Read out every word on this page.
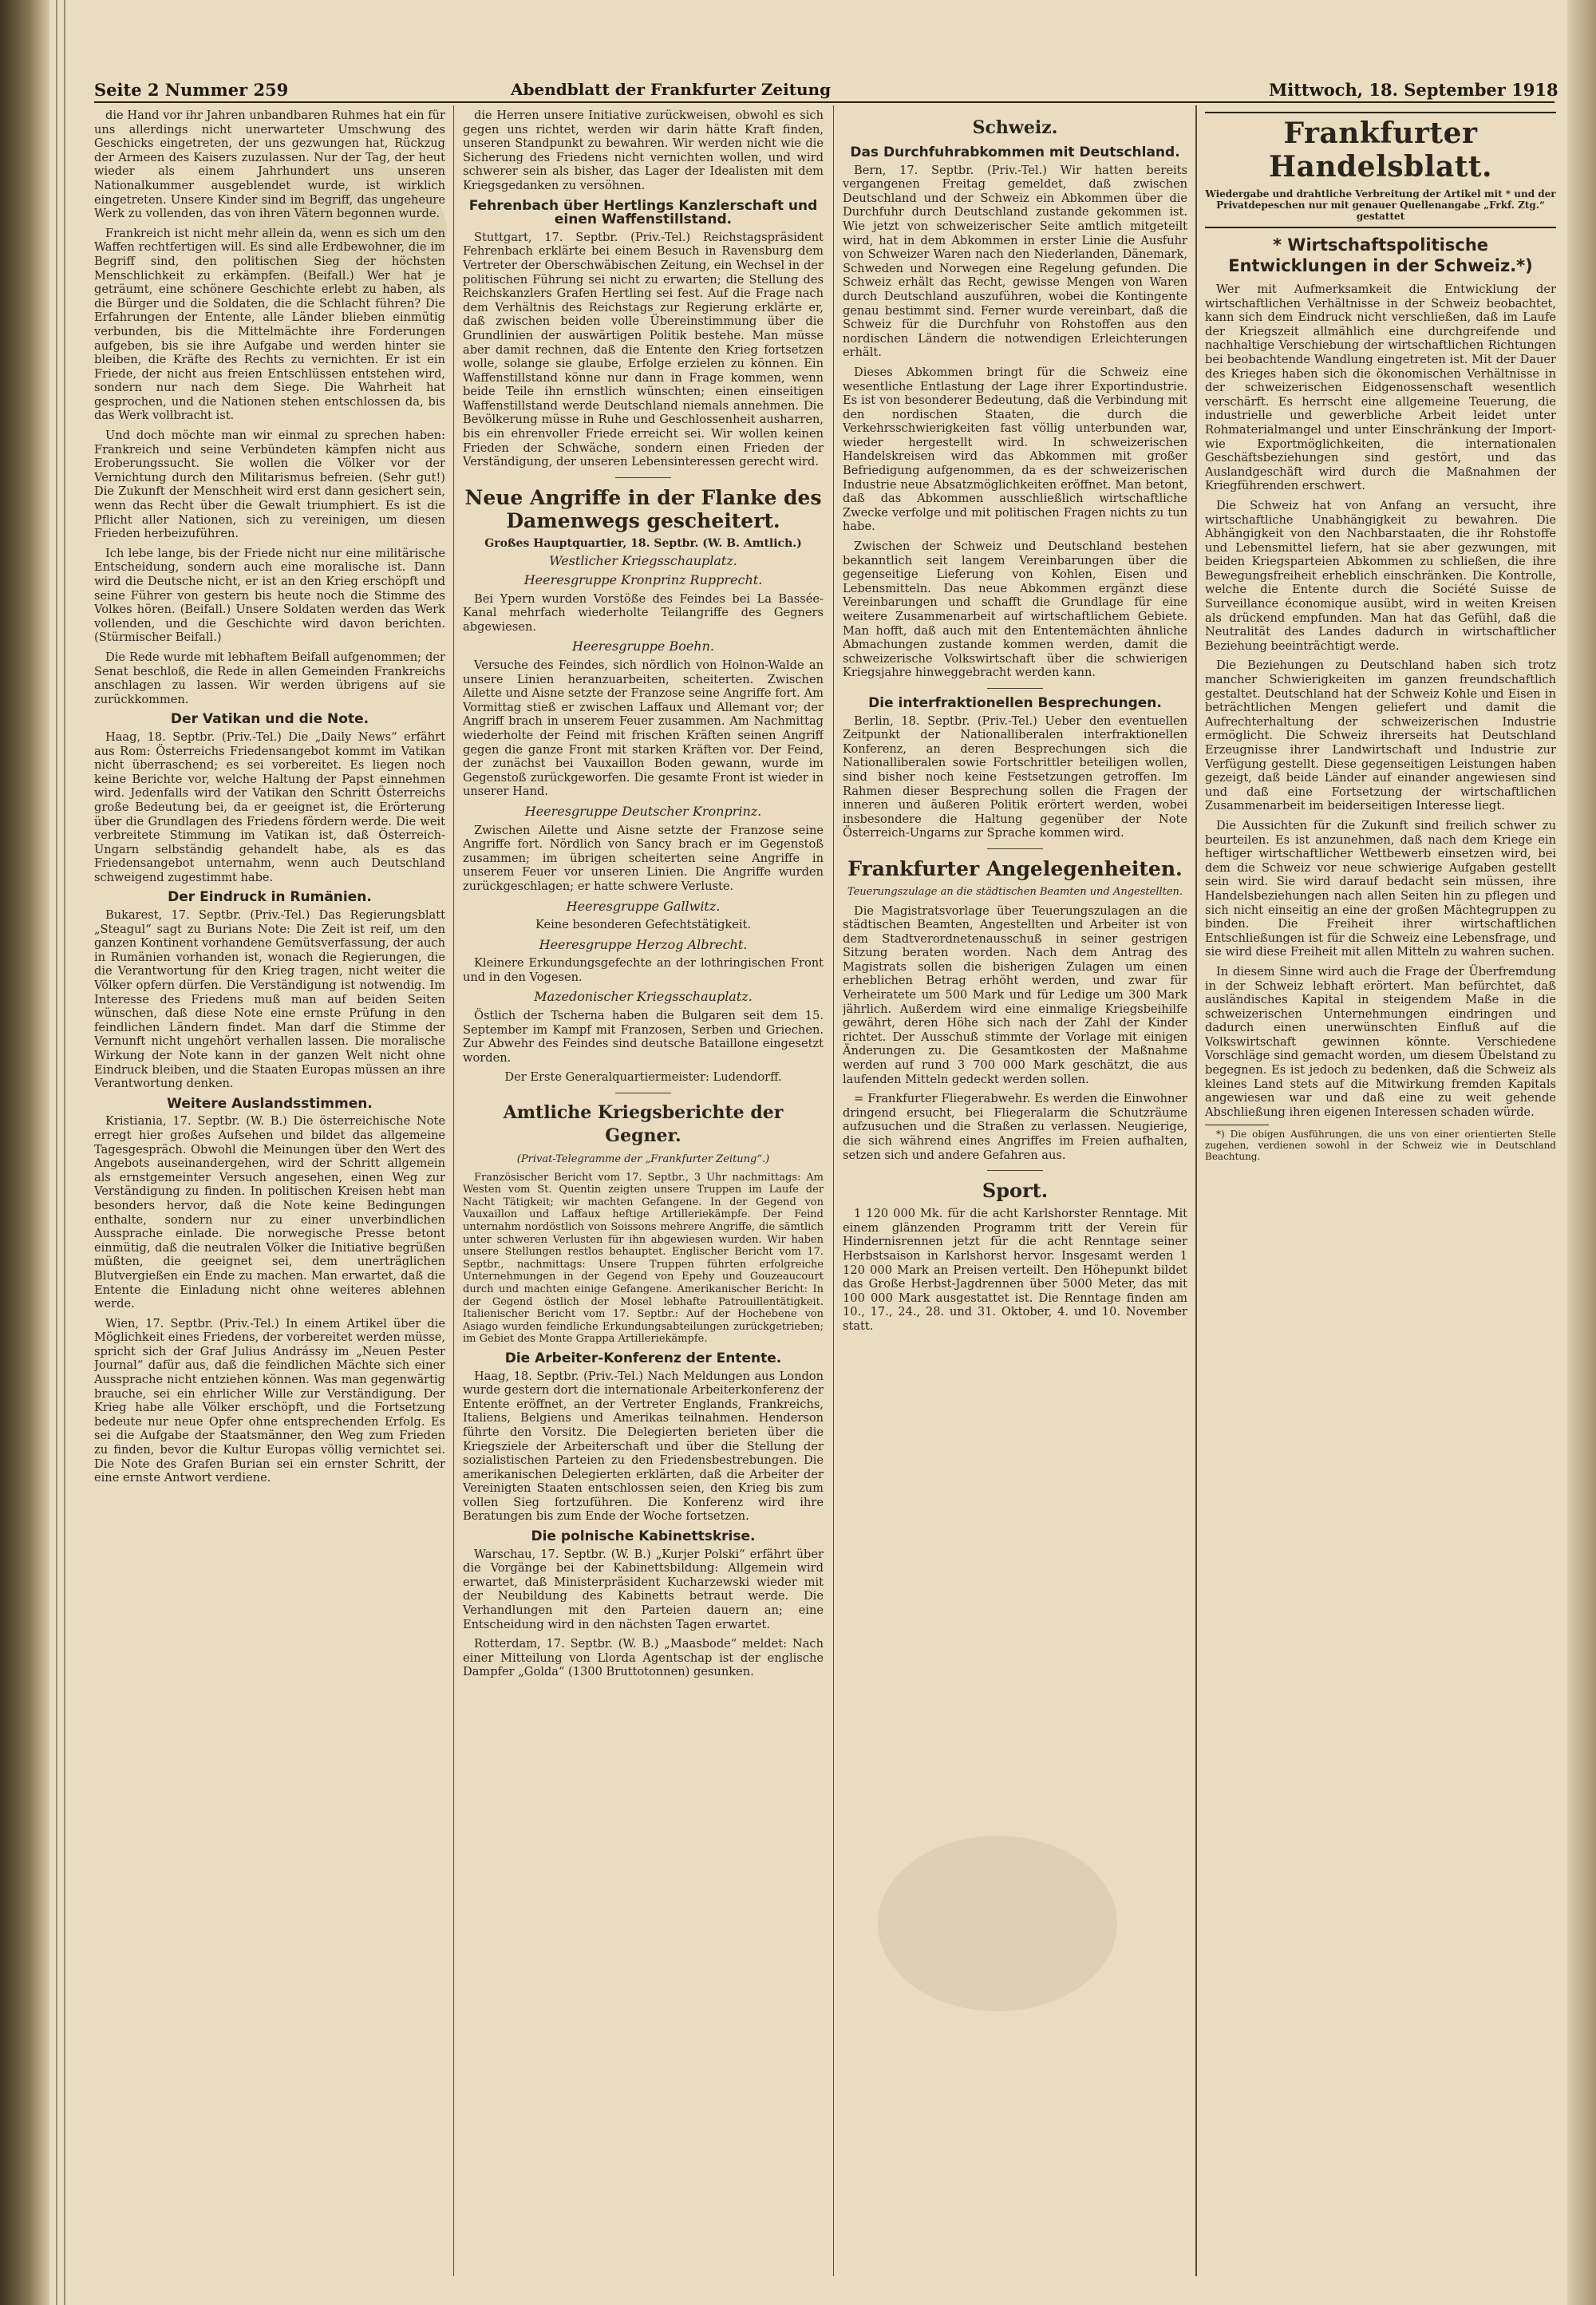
Seite 2 Nummer 259	Abendblatt der Frankfurter Zeitung	Mittwoch, 18. September 1918

die Hand vor ihr Jahren unbandbaren Ruhmes hat ein für uns allerdings nicht unerwarteter Umschwung des Geschicks eingetreten, der uns gezwungen hat, Rückzug der Armeen des Kaisers zuzulassen. Nur der Tag, der heut wieder als einem Jahrhundert uns unseren Nationalkummer ausgeblendet wurde, ist wirklich eingetreten. Unsere Kinder sind im Begriff, das ungeheure Werk zu vollenden, das von ihren Vätern begonnen wurde.

Frankreich ist nicht mehr allein da, wenn es sich um den Waffen rechtfertigen will. Es sind alle Erdbewohner, die im Begriff sind, den politischen Sieg der höchsten Menschlichkeit zu erkämpfen. (Beifall.) Wer hat je geträumt, eine schönere Geschichte erlebt zu haben, als die Bürger und die Soldaten, die die Schlacht führen? Die Erfahrungen der Entente, alle Länder blieben einmütig verbunden, bis die Mittelmächte ihre Forderungen aufgeben, bis sie ihre Aufgabe und werden hinter sie bleiben, die Kräfte des Rechts zu vernichten. Er ist ein Friede, der nicht aus freien Entschlüssen entstehen wird, sondern nur nach dem Siege. Die Wahrheit hat gesprochen, und die Nationen stehen entschlossen da, bis das Werk vollbracht ist.

Und doch möchte man wir einmal zu sprechen haben: Frankreich und seine Verbündeten kämpfen nicht aus Eroberungssucht. Sie wollen die Völker vor der Vernichtung durch den Militarismus befreien. (Sehr gut!) Die Zukunft der Menschheit wird erst dann gesichert sein, wenn das Recht über die Gewalt triumphiert. Es ist die Pflicht aller Nationen, sich zu vereinigen, um diesen Frieden herbeizuführen.

Ich lebe lange, bis der Friede nicht nur eine militärische Entscheidung, sondern auch eine moralische ist. Dann wird die Deutsche nicht, er ist an den Krieg erschöpft und seine Führer von gestern bis heute noch die Stimme des Volkes hören. (Beifall.) Unsere Soldaten werden das Werk vollenden, und die Geschichte wird davon berichten. (Stürmischer Beifall.)

Die Rede wurde mit lebhaftem Beifall aufgenommen; der Senat beschloß, die Rede in allen Gemeinden Frankreichs anschlagen zu lassen. Wir werden übrigens auf sie zurückkommen.

Der Vatikan und die Note.

Haag, 18. Septbr. (Priv.-Tel.) Die „Daily News“ erfährt aus Rom: Österreichs Friedensangebot kommt im Vatikan nicht überraschend; es sei vorbereitet. Es liegen noch keine Berichte vor, welche Haltung der Papst einnehmen wird. Jedenfalls wird der Vatikan den Schritt Österreichs große Bedeutung bei, da er geeignet ist, die Erörterung über die Grundlagen des Friedens fördern werde. Die weit verbreitete Stimmung im Vatikan ist, daß Österreich-Ungarn selbständig gehandelt habe, als es das Friedensangebot unternahm, wenn auch Deutschland schweigend zugestimmt habe.

Der Eindruck in Rumänien.

Bukarest, 17. Septbr. (Priv.-Tel.) Das Regierungsblatt „Steagul“ sagt zu Burians Note: Die Zeit ist reif, um den ganzen Kontinent vorhandene Gemütsverfassung, der auch in Rumänien vorhanden ist, wonach die Regierungen, die die Verantwortung für den Krieg tragen, nicht weiter die Völker opfern dürfen. Die Verständigung ist notwendig. Im Interesse des Friedens muß man auf beiden Seiten wünschen, daß diese Note eine ernste Prüfung in den feindlichen Ländern findet. Man darf die Stimme der Vernunft nicht ungehört verhallen lassen. Die moralische Wirkung der Note kann in der ganzen Welt nicht ohne Eindruck bleiben, und die Staaten Europas müssen an ihre Verantwortung denken.

Weitere Auslandsstimmen.

Kristiania, 17. Septbr. (W. B.) Die österreichische Note erregt hier großes Aufsehen und bildet das allgemeine Tagesgespräch. Obwohl die Meinungen über den Wert des Angebots auseinandergehen, wird der Schritt allgemein als ernstgemeinter Versuch angesehen, einen Weg zur Verständigung zu finden. In politischen Kreisen hebt man besonders hervor, daß die Note keine Bedingungen enthalte, sondern nur zu einer unverbindlichen Aussprache einlade. Die norwegische Presse betont einmütig, daß die neutralen Völker die Initiative begrüßen müßten, die geeignet sei, dem unerträglichen Blutvergießen ein Ende zu machen. Man erwartet, daß die Entente die Einladung nicht ohne weiteres ablehnen werde.

Wien, 17. Septbr. (Priv.-Tel.) In einem Artikel über die Möglichkeit eines Friedens, der vorbereitet werden müsse, spricht sich der Graf Julius Andrássy im „Neuen Pester Journal“ dafür aus, daß die feindlichen Mächte sich einer Aussprache nicht entziehen können. Was man gegenwärtig brauche, sei ein ehrlicher Wille zur Verständigung. Der Krieg habe alle Völker erschöpft, und die Fortsetzung bedeute nur neue Opfer ohne entsprechenden Erfolg. Es sei die Aufgabe der Staatsmänner, den Weg zum Frieden zu finden, bevor die Kultur Europas völlig vernichtet sei. Die Note des Grafen Burian sei ein ernster Schritt, der eine ernste Antwort verdiene.

die Herren unsere Initiative zurückweisen, obwohl es sich gegen uns richtet, werden wir darin hätte Kraft finden, unseren Standpunkt zu bewahren. Wir werden nicht wie die Sicherung des Friedens nicht vernichten wollen, und wird schwerer sein als bisher, das Lager der Idealisten mit dem Kriegsgedanken zu versöhnen.

Fehrenbach über Hertlings Kanzlerschaft und einen Waffenstillstand.

Stuttgart, 17. Septbr. (Priv.-Tel.) Reichstagspräsident Fehrenbach erklärte bei einem Besuch in Ravensburg dem Vertreter der Oberschwäbischen Zeitung, ein Wechsel in der politischen Führung sei nicht zu erwarten; die Stellung des Reichskanzlers Grafen Hertling sei fest. Auf die Frage nach dem Verhältnis des Reichstags zur Regierung erklärte er, daß zwischen beiden volle Übereinstimmung über die Grundlinien der auswärtigen Politik bestehe. Man müsse aber damit rechnen, daß die Entente den Krieg fortsetzen wolle, solange sie glaube, Erfolge erzielen zu können. Ein Waffenstillstand könne nur dann in Frage kommen, wenn beide Teile ihn ernstlich wünschten; einen einseitigen Waffenstillstand werde Deutschland niemals annehmen. Die Bevölkerung müsse in Ruhe und Geschlossenheit ausharren, bis ein ehrenvoller Friede erreicht sei. Wir wollen keinen Frieden der Schwäche, sondern einen Frieden der Verständigung, der unseren Lebensinteressen gerecht wird.

Neue Angriffe in der Flanke des Damenwegs gescheitert.
Großes Hauptquartier, 18. Septbr. (W. B. Amtlich.)
Westlicher Kriegsschauplatz.
Heeresgruppe Kronprinz Rupprecht.

Bei Ypern wurden Vorstöße des Feindes bei La Bassée-Kanal mehrfach wiederholte Teilangriffe des Gegners abgewiesen.

Heeresgruppe Boehn.

Versuche des Feindes, sich nördlich von Holnon-Walde an unsere Linien heranzuarbeiten, scheiterten. Zwischen Ailette und Aisne setzte der Franzose seine Angriffe fort. Am Vormittag stieß er zwischen Laffaux und Allemant vor; der Angriff brach in unserem Feuer zusammen. Am Nachmittag wiederholte der Feind mit frischen Kräften seinen Angriff gegen die ganze Front mit starken Kräften vor. Der Feind, der zunächst bei Vauxaillon Boden gewann, wurde im Gegenstoß zurückgeworfen. Die gesamte Front ist wieder in unserer Hand.

Heeresgruppe Deutscher Kronprinz.

Zwischen Ailette und Aisne setzte der Franzose seine Angriffe fort. Nördlich von Sancy brach er im Gegenstoß zusammen; im übrigen scheiterten seine Angriffe in unserem Feuer vor unseren Linien. Die Angriffe wurden zurückgeschlagen; er hatte schwere Verluste.

Heeresgruppe Gallwitz.

Keine besonderen Gefechtstätigkeit.

Heeresgruppe Herzog Albrecht.

Kleinere Erkundungsgefechte an der lothringischen Front und in den Vogesen.

Mazedonischer Kriegsschauplatz.

Östlich der Tscherna haben die Bulgaren seit dem 15. September im Kampf mit Franzosen, Serben und Griechen. Zur Abwehr des Feindes sind deutsche Bataillone eingesetzt worden.

Der Erste Generalquartiermeister: Ludendorff.

Amtliche Kriegsberichte der Gegner.
(Privat-Telegramme der „Frankfurter Zeitung“.)

Französischer Bericht vom 17. Septbr., 3 Uhr nachmittags: Am Westen vom St. Quentin zeigten unsere Truppen im Laufe der Nacht Tätigkeit; wir machten Gefangene. In der Gegend von Vauxaillon und Laffaux heftige Artilleriekämpfe. Der Feind unternahm nordöstlich von Soissons mehrere Angriffe, die sämtlich unter schweren Verlusten für ihn abgewiesen wurden. Wir haben unsere Stellungen restlos behauptet. Englischer Bericht vom 17. Septbr., nachmittags: Unsere Truppen führten erfolgreiche Unternehmungen in der Gegend von Epehy und Gouzeaucourt durch und machten einige Gefangene. Amerikanischer Bericht: In der Gegend östlich der Mosel lebhafte Patrouillentätigkeit. Italienischer Bericht vom 17. Septbr.: Auf der Hochebene von Asiago wurden feindliche Erkundungsabteilungen zurückgetrieben; im Gebiet des Monte Grappa Artilleriekämpfe.

Die Arbeiter-Konferenz der Entente.

Haag, 18. Septbr. (Priv.-Tel.) Nach Meldungen aus London wurde gestern dort die internationale Arbeiterkonferenz der Entente eröffnet, an der Vertreter Englands, Frankreichs, Italiens, Belgiens und Amerikas teilnahmen. Henderson führte den Vorsitz. Die Delegierten berieten über die Kriegsziele der Arbeiterschaft und über die Stellung der sozialistischen Parteien zu den Friedensbestrebungen. Die amerikanischen Delegierten erklärten, daß die Arbeiter der Vereinigten Staaten entschlossen seien, den Krieg bis zum vollen Sieg fortzuführen. Die Konferenz wird ihre Beratungen bis zum Ende der Woche fortsetzen.

Die polnische Kabinettskrise.

Warschau, 17. Septbr. (W. B.) „Kurjer Polski“ erfährt über die Vorgänge bei der Kabinettsbildung: Allgemein wird erwartet, daß Ministerpräsident Kucharzewski wieder mit der Neubildung des Kabinetts betraut werde. Die Verhandlungen mit den Parteien dauern an; eine Entscheidung wird in den nächsten Tagen erwartet.

Rotterdam, 17. Septbr. (W. B.) „Maasbode“ meldet: Nach einer Mitteilung von Llorda Agentschap ist der englische Dampfer „Golda“ (1300 Bruttotonnen) gesunken.

Schweiz.
Das Durchfuhrabkommen mit Deutschland.

Bern, 17. Septbr. (Priv.-Tel.) Wir hatten bereits vergangenen Freitag gemeldet, daß zwischen Deutschland und der Schweiz ein Abkommen über die Durchfuhr durch Deutschland zustande gekommen ist. Wie jetzt von schweizerischer Seite amtlich mitgeteilt wird, hat in dem Abkommen in erster Linie die Ausfuhr von Schweizer Waren nach den Niederlanden, Dänemark, Schweden und Norwegen eine Regelung gefunden. Die Schweiz erhält das Recht, gewisse Mengen von Waren durch Deutschland auszuführen, wobei die Kontingente genau bestimmt sind. Ferner wurde vereinbart, daß die Schweiz für die Durchfuhr von Rohstoffen aus den nordischen Ländern die notwendigen Erleichterungen erhält.

Dieses Abkommen bringt für die Schweiz eine wesentliche Entlastung der Lage ihrer Exportindustrie. Es ist von besonderer Bedeutung, daß die Verbindung mit den nordischen Staaten, die durch die Verkehrsschwierigkeiten fast völlig unterbunden war, wieder hergestellt wird. In schweizerischen Handelskreisen wird das Abkommen mit großer Befriedigung aufgenommen, da es der schweizerischen Industrie neue Absatzmöglichkeiten eröffnet. Man betont, daß das Abkommen ausschließlich wirtschaftliche Zwecke verfolge und mit politischen Fragen nichts zu tun habe.

Zwischen der Schweiz und Deutschland bestehen bekanntlich seit langem Vereinbarungen über die gegenseitige Lieferung von Kohlen, Eisen und Lebensmitteln. Das neue Abkommen ergänzt diese Vereinbarungen und schafft die Grundlage für eine weitere Zusammenarbeit auf wirtschaftlichem Gebiete. Man hofft, daß auch mit den Ententemächten ähnliche Abmachungen zustande kommen werden, damit die schweizerische Volkswirtschaft über die schwierigen Kriegsjahre hinweggebracht werden kann.

Die interfraktionellen Besprechungen.

Berlin, 18. Septbr. (Priv.-Tel.) Ueber den eventuellen Zeitpunkt der Nationalliberalen interfraktionellen Konferenz, an deren Besprechungen sich die Nationalliberalen sowie Fortschrittler beteiligen wollen, sind bisher noch keine Festsetzungen getroffen. Im Rahmen dieser Besprechung sollen die Fragen der inneren und äußeren Politik erörtert werden, wobei insbesondere die Haltung gegenüber der Note Österreich-Ungarns zur Sprache kommen wird.

Frankfurter Angelegenheiten.
Teuerungszulage an die städtischen Beamten und Angestellten.

Die Magistratsvorlage über Teuerungszulagen an die städtischen Beamten, Angestellten und Arbeiter ist von dem Stadtverordnetenausschuß in seiner gestrigen Sitzung beraten worden. Nach dem Antrag des Magistrats sollen die bisherigen Zulagen um einen erheblichen Betrag erhöht werden, und zwar für Verheiratete um 500 Mark und für Ledige um 300 Mark jährlich. Außerdem wird eine einmalige Kriegsbeihilfe gewährt, deren Höhe sich nach der Zahl der Kinder richtet. Der Ausschuß stimmte der Vorlage mit einigen Änderungen zu. Die Gesamtkosten der Maßnahme werden auf rund 3 700 000 Mark geschätzt, die aus laufenden Mitteln gedeckt werden sollen.

= Frankfurter Fliegerabwehr. Es werden die Einwohner dringend ersucht, bei Fliegeralarm die Schutzräume aufzusuchen und die Straßen zu verlassen. Neugierige, die sich während eines Angriffes im Freien aufhalten, setzen sich und andere Gefahren aus.

Sport.

1 120 000 Mk. für die acht Karlshorster Renntage. Mit einem glänzenden Programm tritt der Verein für Hindernisrennen jetzt für die acht Renntage seiner Herbstsaison in Karlshorst hervor. Insgesamt werden 1 120 000 Mark an Preisen verteilt. Den Höhepunkt bildet das Große Herbst-Jagdrennen über 5000 Meter, das mit 100 000 Mark ausgestattet ist. Die Renntage finden am 10., 17., 24., 28. und 31. Oktober, 4. und 10. November statt.

Frankfurter Handelsblatt.
Wiedergabe und drahtliche Verbreitung der Artikel mit * und der Privatdepeschen nur mit genauer Quellenangabe „Frkf. Ztg.“ gestattet
* Wirtschaftspolitische Entwicklungen in der Schweiz.*)

Wer mit Aufmerksamkeit die Entwicklung der wirtschaftlichen Verhältnisse in der Schweiz beobachtet, kann sich dem Eindruck nicht verschließen, daß im Laufe der Kriegszeit allmählich eine durchgreifende und nachhaltige Verschiebung der wirtschaftlichen Richtungen bei beobachtende Wandlung eingetreten ist. Mit der Dauer des Krieges haben sich die ökonomischen Verhältnisse in der schweizerischen Eidgenossenschaft wesentlich verschärft. Es herrscht eine allgemeine Teuerung, die industrielle und gewerbliche Arbeit leidet unter Rohmaterialmangel und unter Einschränkung der Import- wie Exportmöglichkeiten, die internationalen Geschäftsbeziehungen sind gestört, und das Auslandgeschäft wird durch die Maßnahmen der Kriegführenden erschwert.

Die Schweiz hat von Anfang an versucht, ihre wirtschaftliche Unabhängigkeit zu bewahren. Die Abhängigkeit von den Nachbarstaaten, die ihr Rohstoffe und Lebensmittel liefern, hat sie aber gezwungen, mit beiden Kriegsparteien Abkommen zu schließen, die ihre Bewegungsfreiheit erheblich einschränken. Die Kontrolle, welche die Entente durch die Société Suisse de Surveillance économique ausübt, wird in weiten Kreisen als drückend empfunden. Man hat das Gefühl, daß die Neutralität des Landes dadurch in wirtschaftlicher Beziehung beeinträchtigt werde.

Die Beziehungen zu Deutschland haben sich trotz mancher Schwierigkeiten im ganzen freundschaftlich gestaltet. Deutschland hat der Schweiz Kohle und Eisen in beträchtlichen Mengen geliefert und damit die Aufrechterhaltung der schweizerischen Industrie ermöglicht. Die Schweiz ihrerseits hat Deutschland Erzeugnisse ihrer Landwirtschaft und Industrie zur Verfügung gestellt. Diese gegenseitigen Leistungen haben gezeigt, daß beide Länder auf einander angewiesen sind und daß eine Fortsetzung der wirtschaftlichen Zusammenarbeit im beiderseitigen Interesse liegt.

Die Aussichten für die Zukunft sind freilich schwer zu beurteilen. Es ist anzunehmen, daß nach dem Kriege ein heftiger wirtschaftlicher Wettbewerb einsetzen wird, bei dem die Schweiz vor neue schwierige Aufgaben gestellt sein wird. Sie wird darauf bedacht sein müssen, ihre Handelsbeziehungen nach allen Seiten hin zu pflegen und sich nicht einseitig an eine der großen Mächtegruppen zu binden. Die Freiheit ihrer wirtschaftlichen Entschließungen ist für die Schweiz eine Lebensfrage, und sie wird diese Freiheit mit allen Mitteln zu wahren suchen.

In diesem Sinne wird auch die Frage der Überfremdung in der Schweiz lebhaft erörtert. Man befürchtet, daß ausländisches Kapital in steigendem Maße in die schweizerischen Unternehmungen eindringen und dadurch einen unerwünschten Einfluß auf die Volkswirtschaft gewinnen könnte. Verschiedene Vorschläge sind gemacht worden, um diesem Übelstand zu begegnen. Es ist jedoch zu bedenken, daß die Schweiz als kleines Land stets auf die Mitwirkung fremden Kapitals angewiesen war und daß eine zu weit gehende Abschließung ihren eigenen Interessen schaden würde.

*) Die obigen Ausführungen, die uns von einer orientierten Stelle zugehen, verdienen sowohl in der Schweiz wie in Deutschland Beachtung.
